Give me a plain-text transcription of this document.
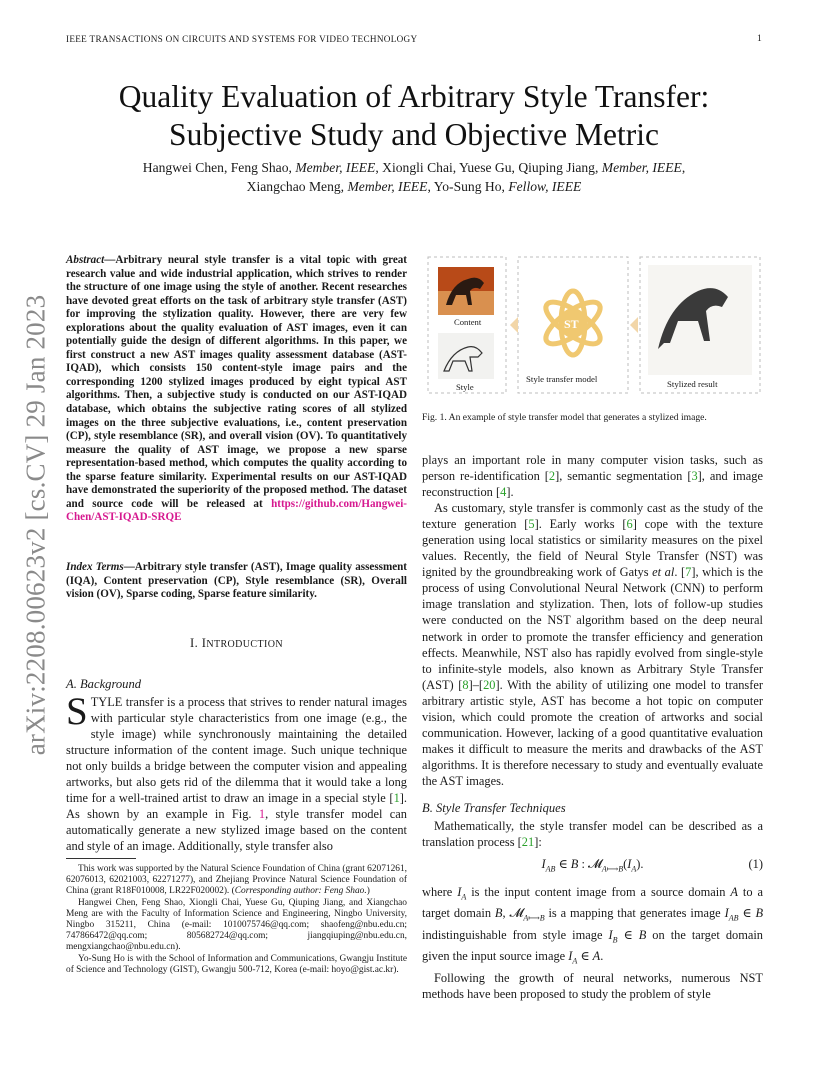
IEEE TRANSACTIONS ON CIRCUITS AND SYSTEMS FOR VIDEO TECHNOLOGY	1
arXiv:2208.00623v2 [cs.CV] 29 Jan 2023
Quality Evaluation of Arbitrary Style Transfer:
Subjective Study and Objective Metric
Hangwei Chen, Feng Shao, Member, IEEE, Xiongli Chai, Yuese Gu, Qiuping Jiang, Member, IEEE,
Xiangchao Meng, Member, IEEE, Yo-Sung Ho, Fellow, IEEE
Abstract—Arbitrary neural style transfer is a vital topic with great research value and wide industrial application, which strives to render the structure of one image using the style of another. Recent researches have devoted great efforts on the task of arbitrary style transfer (AST) for improving the stylization quality. However, there are very few explorations about the quality evaluation of AST images, even it can potentially guide the design of different algorithms. In this paper, we first construct a new AST images quality assessment database (AST-IQAD), which consists 150 content-style image pairs and the corresponding 1200 stylized images produced by eight typical AST algorithms. Then, a subjective study is conducted on our AST-IQAD database, which obtains the subjective rating scores of all stylized images on the three subjective evaluations, i.e., content preservation (CP), style resemblance (SR), and overall vision (OV). To quantitatively measure the quality of AST image, we propose a new sparse representation-based method, which computes the quality according to the sparse feature similarity. Experimental results on our AST-IQAD have demonstrated the superiority of the proposed method. The dataset and source code will be released at https://github.com/Hangwei-Chen/AST-IQAD-SRQE
Index Terms—Arbitrary style transfer (AST), Image quality assessment (IQA), Content preservation (CP), Style resemblance (SR), Overall vision (OV), Sparse coding, Sparse feature similarity.
I. INTRODUCTION
A. Background
S TYLE transfer is a process that strives to render natural images with particular style characteristics from one image (e.g., the style image) while synchronously maintaining the detailed structure information of the content image. Such unique technique not only builds a bridge between the computer vision and appealing artworks, but also gets rid of the dilemma that it would take a long time for a well-trained artist to draw an image in a special style [1]. As shown by an example in Fig. 1, style transfer model can automatically generate a new stylized image based on the content and style of an image. Additionally, style transfer also

This work was supported by the Natural Science Foundation of China (grant 62071261, 62076013, 62021003, 62271277), and Zhejiang Province Natural Science Foundation of China (grant R18F010008, LR22F020002). (Corresponding author: Feng Shao.)

Hangwei Chen, Feng Shao, Xiongli Chai, Yuese Gu, Qiuping Jiang, and Xiangchao Meng are with the Faculty of Information Science and Engineering, Ningbo University, Ningbo 315211, China (e-mail: 1010075746@qq.com; shaofeng@nbu.edu.cn; 747866472@qq.com; 805682724@qq.com; jiangqiuping@nbu.edu.cn, mengxiangchao@nbu.edu.cn).

Yo-Sung Ho is with the School of Information and Communications, Gwangju Institute of Science and Technology (GIST), Gwangju 500-712, Korea (e-mail: hoyo@gist.ac.kr).

Content
Style
ST
Style transfer model	Stylized result
Fig. 1. An example of style transfer model that generates a stylized image.

plays an important role in many computer vision tasks, such as person re-identification [2], semantic segmentation [3], and image reconstruction [4].

As customary, style transfer is commonly cast as the study of the texture generation [5]. Early works [6] cope with the texture generation using local statistics or similarity measures on the pixel values. Recently, the field of Neural Style Transfer (NST) was ignited by the groundbreaking work of Gatys et al. [7], which is the process of using Convolutional Neural Network (CNN) to perform image translation and stylization. Then, lots of follow-up studies were conducted on the NST algorithm based on the deep neural network in order to promote the transfer efficiency and generation effects. Meanwhile, NST also has rapidly evolved from single-style to infinite-style models, also known as Arbitrary Style Transfer (AST) [8]–[20]. With the ability of utilizing one model to transfer arbitrary artistic style, AST has become a hot topic on computer vision, which could promote the creation of artworks and social communication. However, lacking of a good quantitative evaluation makes it difficult to measure the merits and drawbacks of the AST algorithms. It is therefore necessary to study and eventually evaluate the AST images.

B. Style Transfer Techniques

Mathematically, the style transfer model can be described as a translation process [21]:

$I_{AB}$ ∈ B : $𝓜_{A⟼B}(I_A)$.	(1)

where $I_A$ is the input content image from a source domain A to a target domain B, 𝓜$_{A⟼B}$ is a mapping that generates image $I_{AB}$ ∈ B indistinguishable from style image $I_B$ ∈ B on the target domain given the input source image $I_A$ ∈ A.

Following the growth of neural networks, numerous NST methods have been proposed to study the problem of style
